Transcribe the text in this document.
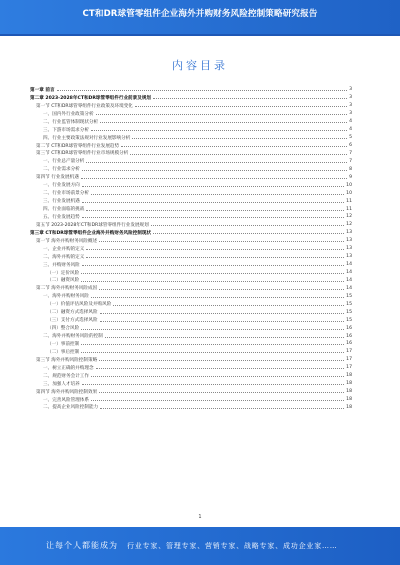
CT和DR球管零组件企业海外并购财务风险控制策略研究报告
内容目录
第一章 前言	3
第二章 2023-2028年CT和DR球管零组件行业前景及规划	3
第一节 CT和DR球管零组件行业政策及环境变化	3
一、国内外行业政策分析	3
二、行业监管体制现状分析	4
三、下游市场需求分析	4
四、行业主要政策法规对行业发展影响分析	5
第二节 CT和DR球管零组件行业发展趋势	6
第三节 CT和DR球管零组件行业市场规模分析	7
一、行业总产量分析	7
二、行业需求分析	8
第四节 行业发展机遇	9
一、行业发展方向	10
二、行业市场前景分析	10
三、行业发展机遇	11
四、行业面临的挑战	11
五、行业发展趋势	12
第五节 2023-2028年CT和DR球管零组件行业发展规划	12
第三章 CT和DR球管零组件企业海外并购财务风险控制现状	13
第一节 海外并购财务风险概述	13
一、企业并购的定义	13
二、海外并购的定义	13
三、并购财务风险	14
（一）定价风险	14
（二）融资风险	14
第二节 海外并购财务风险成因	14
一、海外并购财务风险	15
（一）价值评估风险及并购风险	15
（二）融资方式选择风险	15
（三）支付方式选择风险	15
（四）整合风险	16
二、海外并购财务风险的控制	16
（一）事前控制	16
（二）事后控制	17
第三节 海外并购风险控制策略	17
一、树立正确的并购理念	17
二、规范财务会计工作	18
三、加强人才培养	18
第四节 海外并购风险控制效果	18
一、完善风险管理体系	18
二、提高企业风险控制能力	18
1
让每个人都能成为 行业专家、管理专家、营销专家、战略专家、成功企业家……
